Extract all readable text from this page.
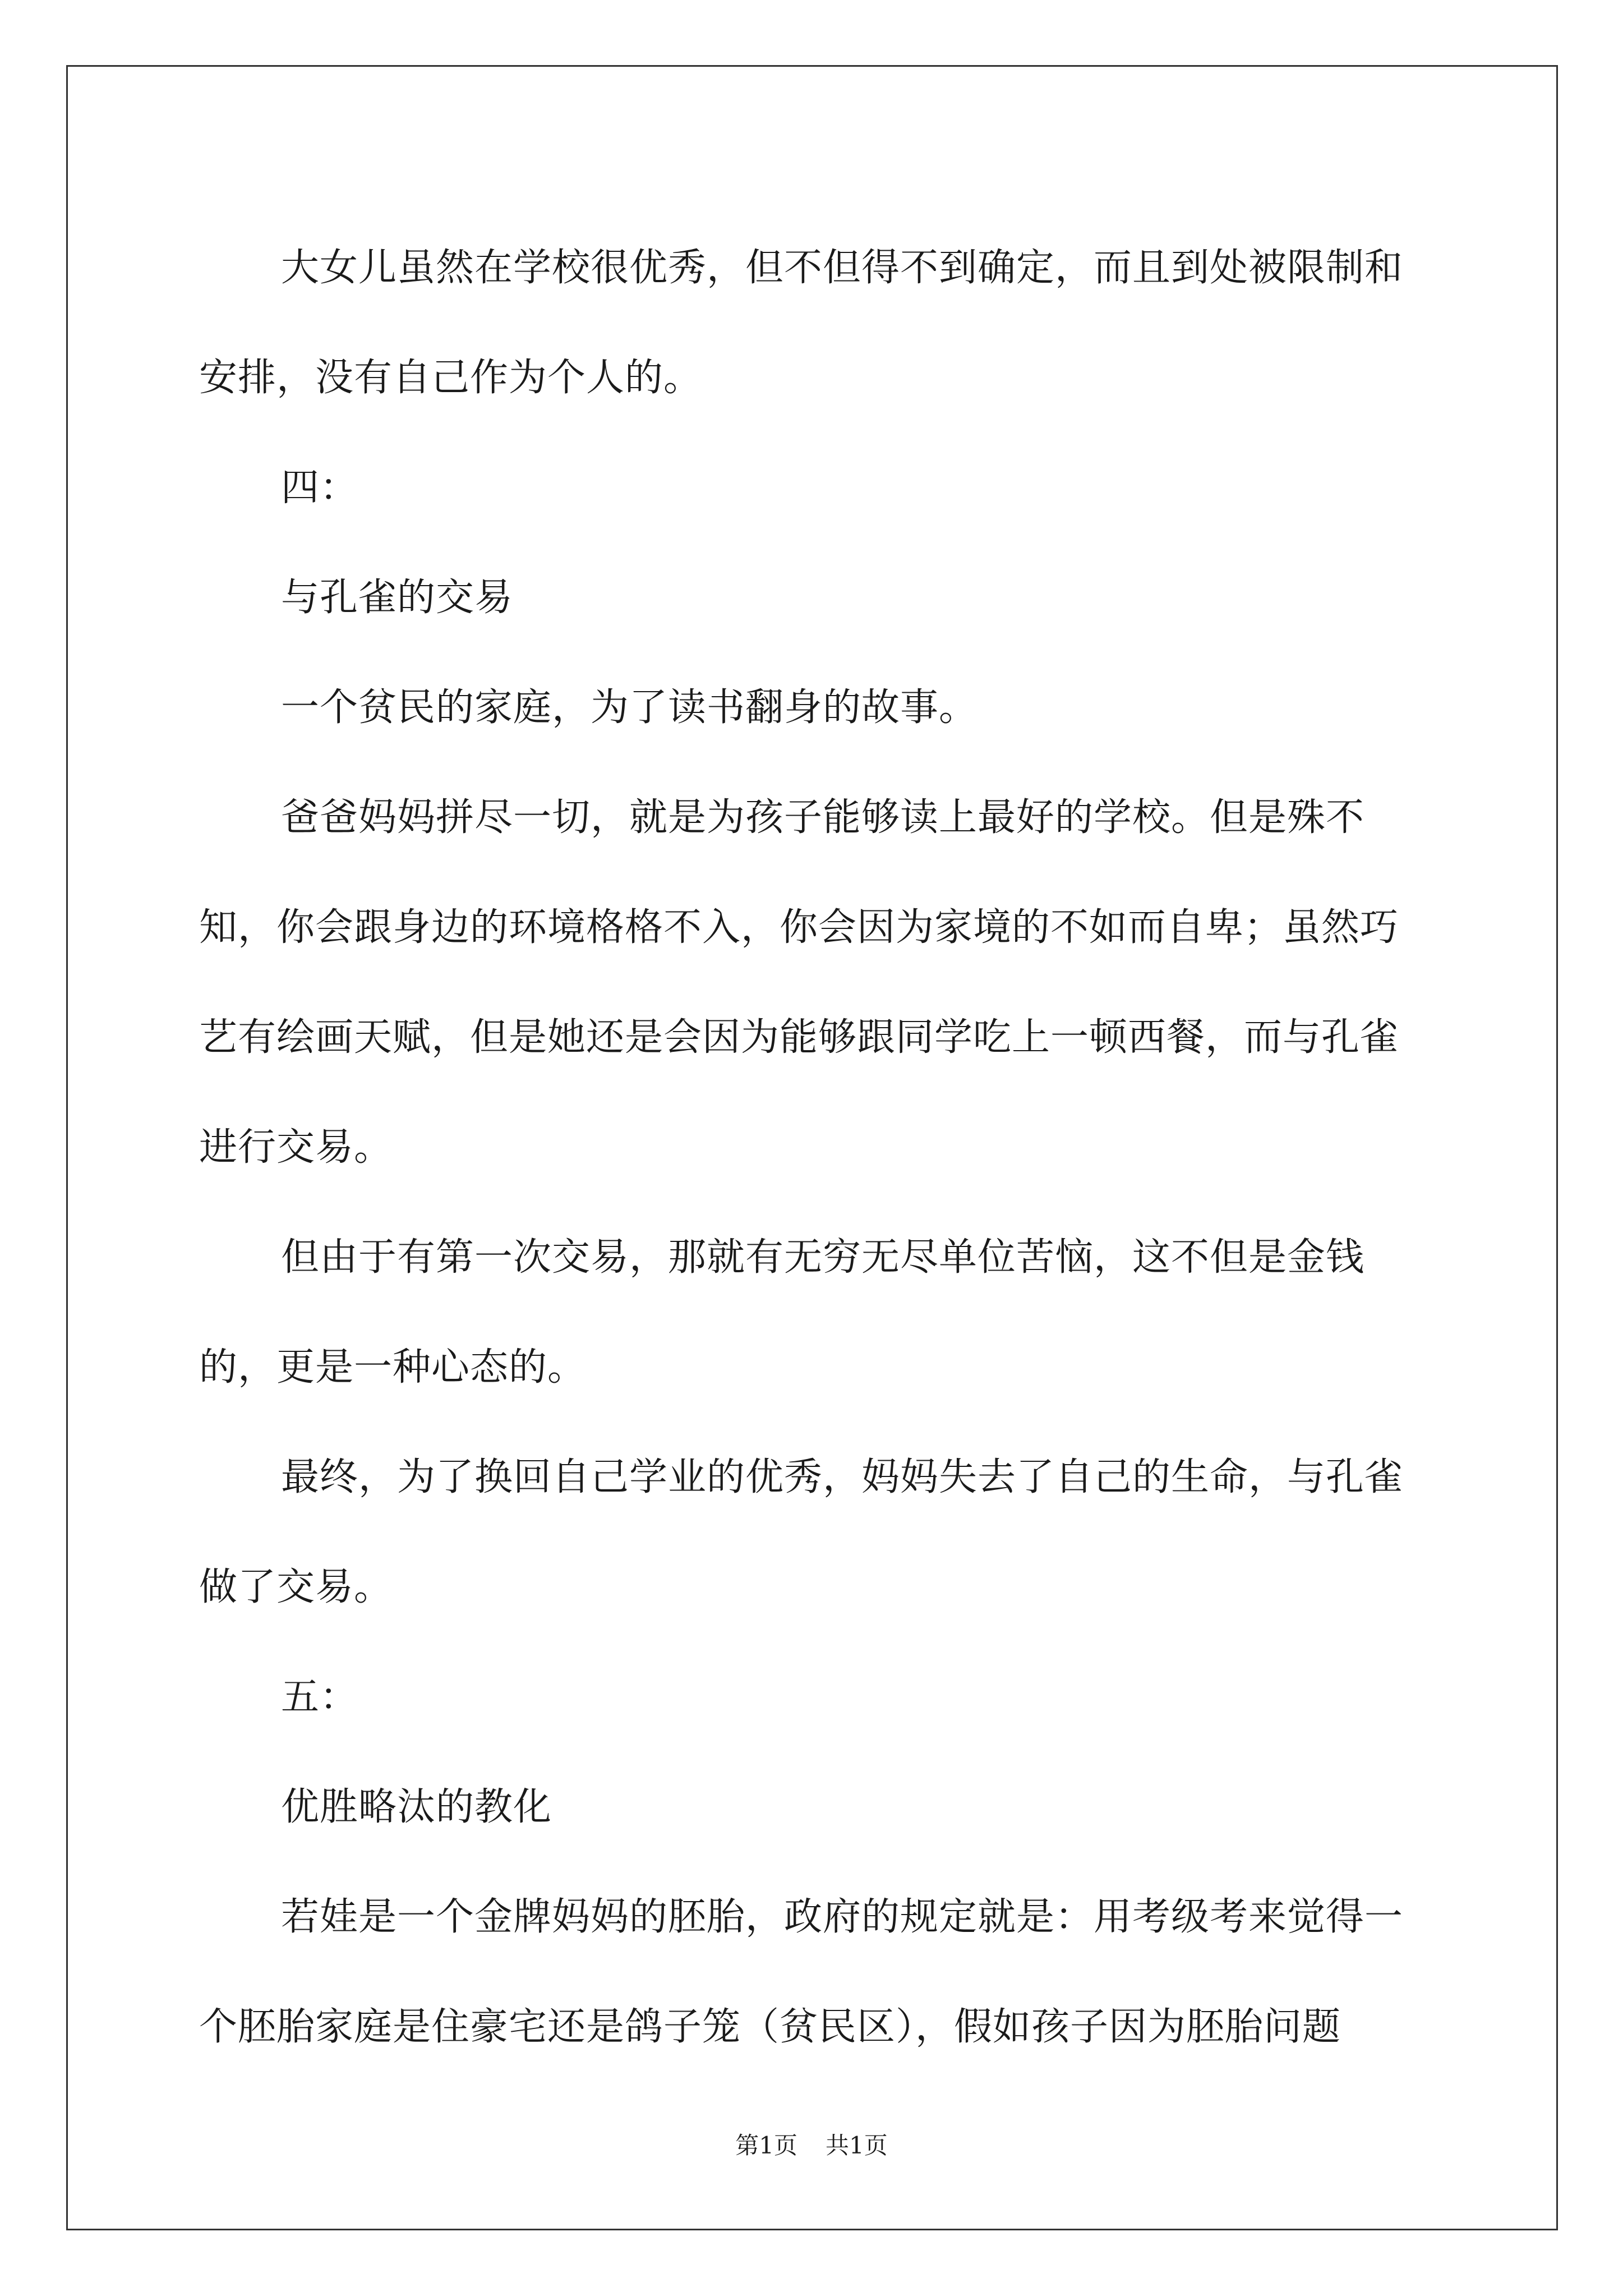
大女儿虽然在学校很优秀，但不但得不到确定，而且到处被限制和安排，没有自己作为个人的。

四：

与孔雀的交易

一个贫民的家庭，为了读书翻身的故事。

爸爸妈妈拼尽一切，就是为孩子能够读上最好的学校。但是殊不知，你会跟身边的环境格格不入，你会因为家境的不如而自卑；虽然巧艺有绘画天赋，但是她还是会因为能够跟同学吃上一顿西餐，而与孔雀进行交易。

但由于有第一次交易，那就有无穷无尽单位苦恼，这不但是金钱的，更是一种心态的。

最终，为了换回自己学业的优秀，妈妈失去了自己的生命，与孔雀做了交易。

五：

优胜略汰的教化

若娃是一个金牌妈妈的胚胎，政府的规定就是：用考级考来觉得一个胚胎家庭是住豪宅还是鸽子笼（贫民区），假如孩子因为胚胎问题

第1页 共1页
